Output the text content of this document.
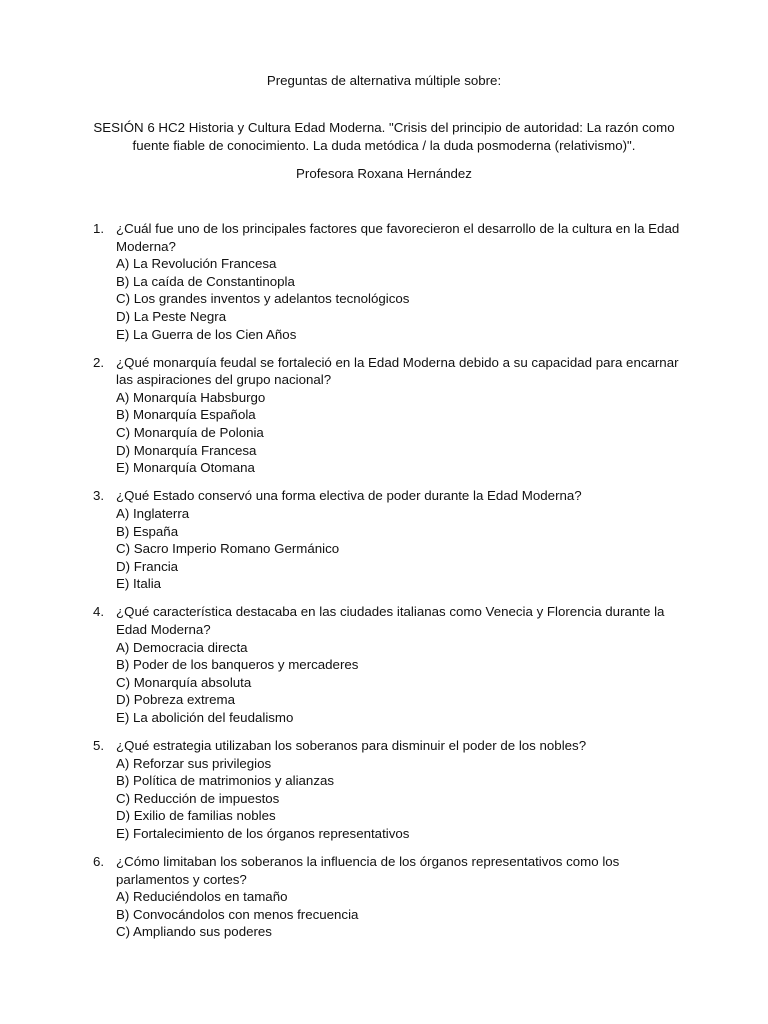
Preguntas de alternativa múltiple sobre:
SESIÓN 6 HC2 Historia y Cultura Edad Moderna. "Crisis del principio de autoridad: La razón como
fuente fiable de conocimiento. La duda metódica / la duda posmoderna (relativismo)".
Profesora Roxana Hernández
1. ¿Cuál fue uno de los principales factores que favorecieron el desarrollo de la cultura en la Edad Moderna?
A) La Revolución Francesa
B) La caída de Constantinopla
C) Los grandes inventos y adelantos tecnológicos
D) La Peste Negra
E) La Guerra de los Cien Años
2. ¿Qué monarquía feudal se fortaleció en la Edad Moderna debido a su capacidad para encarnar las aspiraciones del grupo nacional?
A) Monarquía Habsburgo
B) Monarquía Española
C) Monarquía de Polonia
D) Monarquía Francesa
E) Monarquía Otomana
3. ¿Qué Estado conservó una forma electiva de poder durante la Edad Moderna?
A) Inglaterra
B) España
C) Sacro Imperio Romano Germánico
D) Francia
E) Italia
4. ¿Qué característica destacaba en las ciudades italianas como Venecia y Florencia durante la Edad Moderna?
A) Democracia directa
B) Poder de los banqueros y mercaderes
C) Monarquía absoluta
D) Pobreza extrema
E) La abolición del feudalismo
5. ¿Qué estrategia utilizaban los soberanos para disminuir el poder de los nobles?
A) Reforzar sus privilegios
B) Política de matrimonios y alianzas
C) Reducción de impuestos
D) Exilio de familias nobles
E) Fortalecimiento de los órganos representativos
6. ¿Cómo limitaban los soberanos la influencia de los órganos representativos como los parlamentos y cortes?
A) Reduciéndolos en tamaño
B) Convocándolos con menos frecuencia
C) Ampliando sus poderes
